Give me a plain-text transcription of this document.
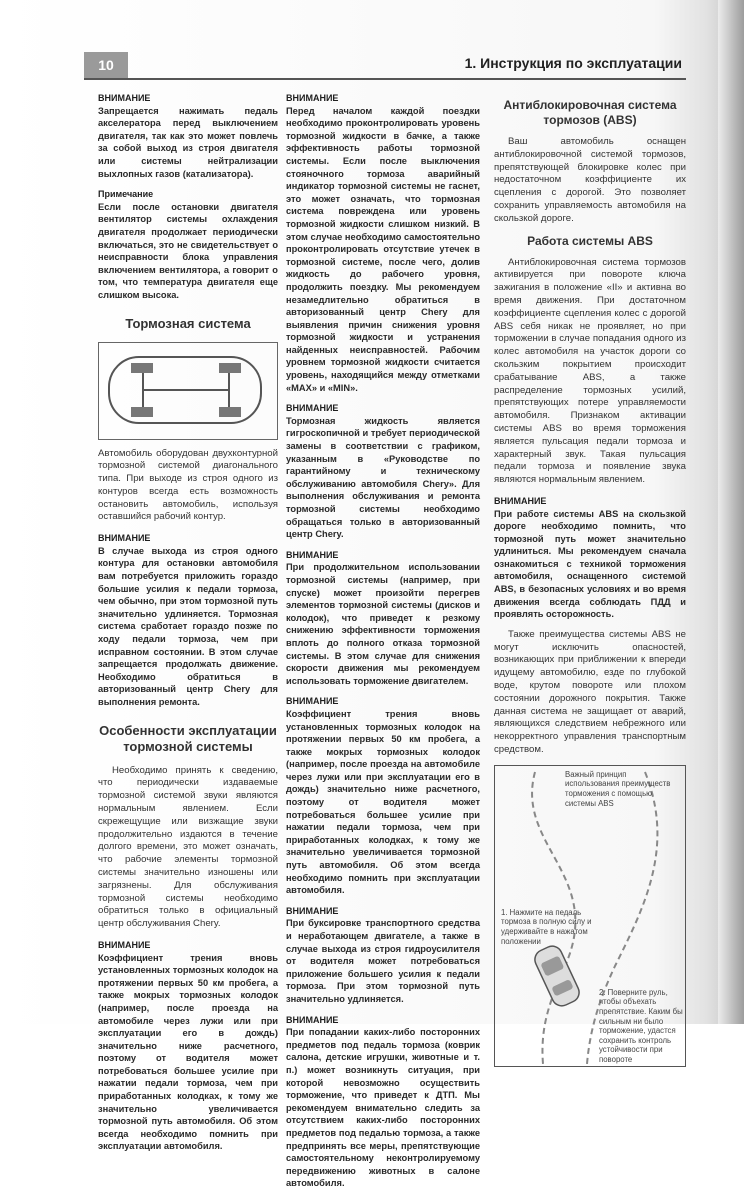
10	1. Инструкция по эксплуатации

ВНИМАНИЕ

Запрещается нажимать педаль акселератора перед выключением двигателя, так как это может повлечь за собой выход из строя двигателя или системы нейтрализации выхлопных газов (катализатора).

Примечание

Если после остановки двигателя вентилятор системы охлаждения двигателя продолжает периодически включаться, это не свидетельствует о неисправности блока управления включением вентилятора, а говорит о том, что температура двигателя еще слишком высока.

Тормозная система

Автомобиль оборудован двухконтурной тормозной системой диагонального типа. При выходе из строя одного из контуров всегда есть возможность остановить автомобиль, используя оставшийся рабочий контур.

ВНИМАНИЕ

В случае выхода из строя одного контура для остановки автомобиля вам потребуется приложить гораздо большие усилия к педали тормоза, чем обычно, при этом тормозной путь значительно удлиняется. Тормозная система сработает гораздо позже по ходу педали тормоза, чем при исправном состоянии. В этом случае запрещается продолжать движение. Необходимо обратиться в авторизованный центр Chery для выполнения ремонта.

Особенности эксплуатации тормозной системы

Необходимо принять к сведению, что периодически издаваемые тормозной системой звуки являются нормальным явлением. Если скрежещущие или визжащие звуки продолжительно издаются в течение долгого времени, это может означать, что рабочие элементы тормозной системы значительно изношены или загрязнены. Для обслуживания тормозной системы необходимо обратиться только в официальный центр обслуживания Chery.

ВНИМАНИЕ

Коэффициент трения вновь установленных тормозных колодок на протяжении первых 50 км пробега, а также мокрых тормозных колодок (например, после проезда на автомобиле через лужи или при эксплуатации его в дождь) значительно ниже расчетного, поэтому от водителя может потребоваться большее усилие при нажатии педали тормоза, чем при приработанных колодках, к тому же значительно увеличивается тормозной путь автомобиля. Об этом всегда необходимо помнить при эксплуатации автомобиля.

ВНИМАНИЕ

Перед началом каждой поездки необходимо проконтролировать уровень тормозной жидкости в бачке, а также эффективность работы тормозной системы. Если после выключения стояночного тормоза аварийный индикатор тормозной системы не гаснет, это может означать, что тормозная система повреждена или уровень тормозной жидкости слишком низкий. В этом случае необходимо самостоятельно проконтролировать отсутствие утечек в тормозной системе, после чего, долив жидкость до рабочего уровня, продолжить поездку. Мы рекомендуем незамедлительно обратиться в авторизованный центр Chery для выявления причин снижения уровня тормозной жидкости и устранения найденных неисправностей. Рабочим уровнем тормозной жидкости считается уровень, находящийся между отметками «MAX» и «MIN».

ВНИМАНИЕ

Тормозная жидкость является гигроскопичной и требует периодической замены в соответствии с графиком, указанным в «Руководстве по гарантийному и техническому обслуживанию автомобиля Chery». Для выполнения обслуживания и ремонта тормозной системы необходимо обращаться только в авторизованный центр Chery.

ВНИМАНИЕ

При продолжительном использовании тормозной системы (например, при спуске) может произойти перегрев элементов тормозной системы (дисков и колодок), что приведет к резкому снижению эффективности торможения вплоть до полного отказа тормозной системы. В этом случае для снижения скорости движения мы рекомендуем использовать торможение двигателем.

ВНИМАНИЕ

Коэффициент трения вновь установленных тормозных колодок на протяжении первых 50 км пробега, а также мокрых тормозных колодок (например, после проезда на автомобиле через лужи или при эксплуатации его в дождь) значительно ниже расчетного, поэтому от водителя может потребоваться большее усилие при нажатии педали тормоза, чем при приработанных колодках, к тому же значительно увеличивается тормозной путь автомобиля. Об этом всегда необходимо помнить при эксплуатации автомобиля.

ВНИМАНИЕ

При буксировке транспортного средства и неработающем двигателе, а также в случае выхода из строя гидроусилителя от водителя может потребоваться приложение большего усилия к педали тормоза. При этом тормозной путь значительно удлиняется.

ВНИМАНИЕ

При попадании каких-либо посторонних предметов под педаль тормоза (коврик салона, детские игрушки, животные и т. п.) может возникнуть ситуация, при которой невозможно осуществить торможение, что приведет к ДТП. Мы рекомендуем внимательно следить за отсутствием каких-либо посторонних предметов под педалью тормоза, а также предпринять все меры, препятствующие самостоятельному неконтролируемому передвижению животных в салоне автомобиля.

Антиблокировочная система тормозов (ABS)

Ваш автомобиль оснащен антиблокировочной системой тормозов, препятствующей блокировке колес при недостаточном коэффициенте их сцепления с дорогой. Это позволяет сохранить управляемость автомобиля на скользкой дороге.

Работа системы ABS

Антиблокировочная система тормозов активируется при повороте ключа зажигания в положение «II» и активна во время движения. При достаточном коэффициенте сцепления колес с дорогой ABS себя никак не проявляет, но при торможении в случае попадания одного из колес автомобиля на участок дороги со скользким покрытием происходит срабатывание ABS, а также распределение тормозных усилий, препятствующих потере управляемости автомобиля. Признаком активации системы ABS во время торможения является пульсация педали тормоза и характерный звук. Такая пульсация педали тормоза и появление звука являются нормальным явлением.

ВНИМАНИЕ

При работе системы ABS на скользкой дороге необходимо помнить, что тормозной путь может значительно удлиниться. Мы рекомендуем сначала ознакомиться с техникой торможения автомобиля, оснащенного системой ABS, в безопасных условиях и во время движения всегда соблюдать ПДД и проявлять осторожность.

Также преимущества системы ABS не могут исключить опасностей, возникающих при приближении к впереди идущему автомобилю, езде по глубокой воде, крутом повороте или плохом состоянии дорожного покрытия. Также данная система не защищает от аварий, являющихся следствием небрежного или некорректного управления транспортным средством.

Важный принцип использования преимуществ торможения с помощью системы ABS
1. Нажмите на педаль тормоза в полную силу и удерживайте в нажатом положении
2. Поверните руль, чтобы объехать препятствие. Каким бы сильным ни было торможение, удастся сохранить контроль устойчивости при повороте
